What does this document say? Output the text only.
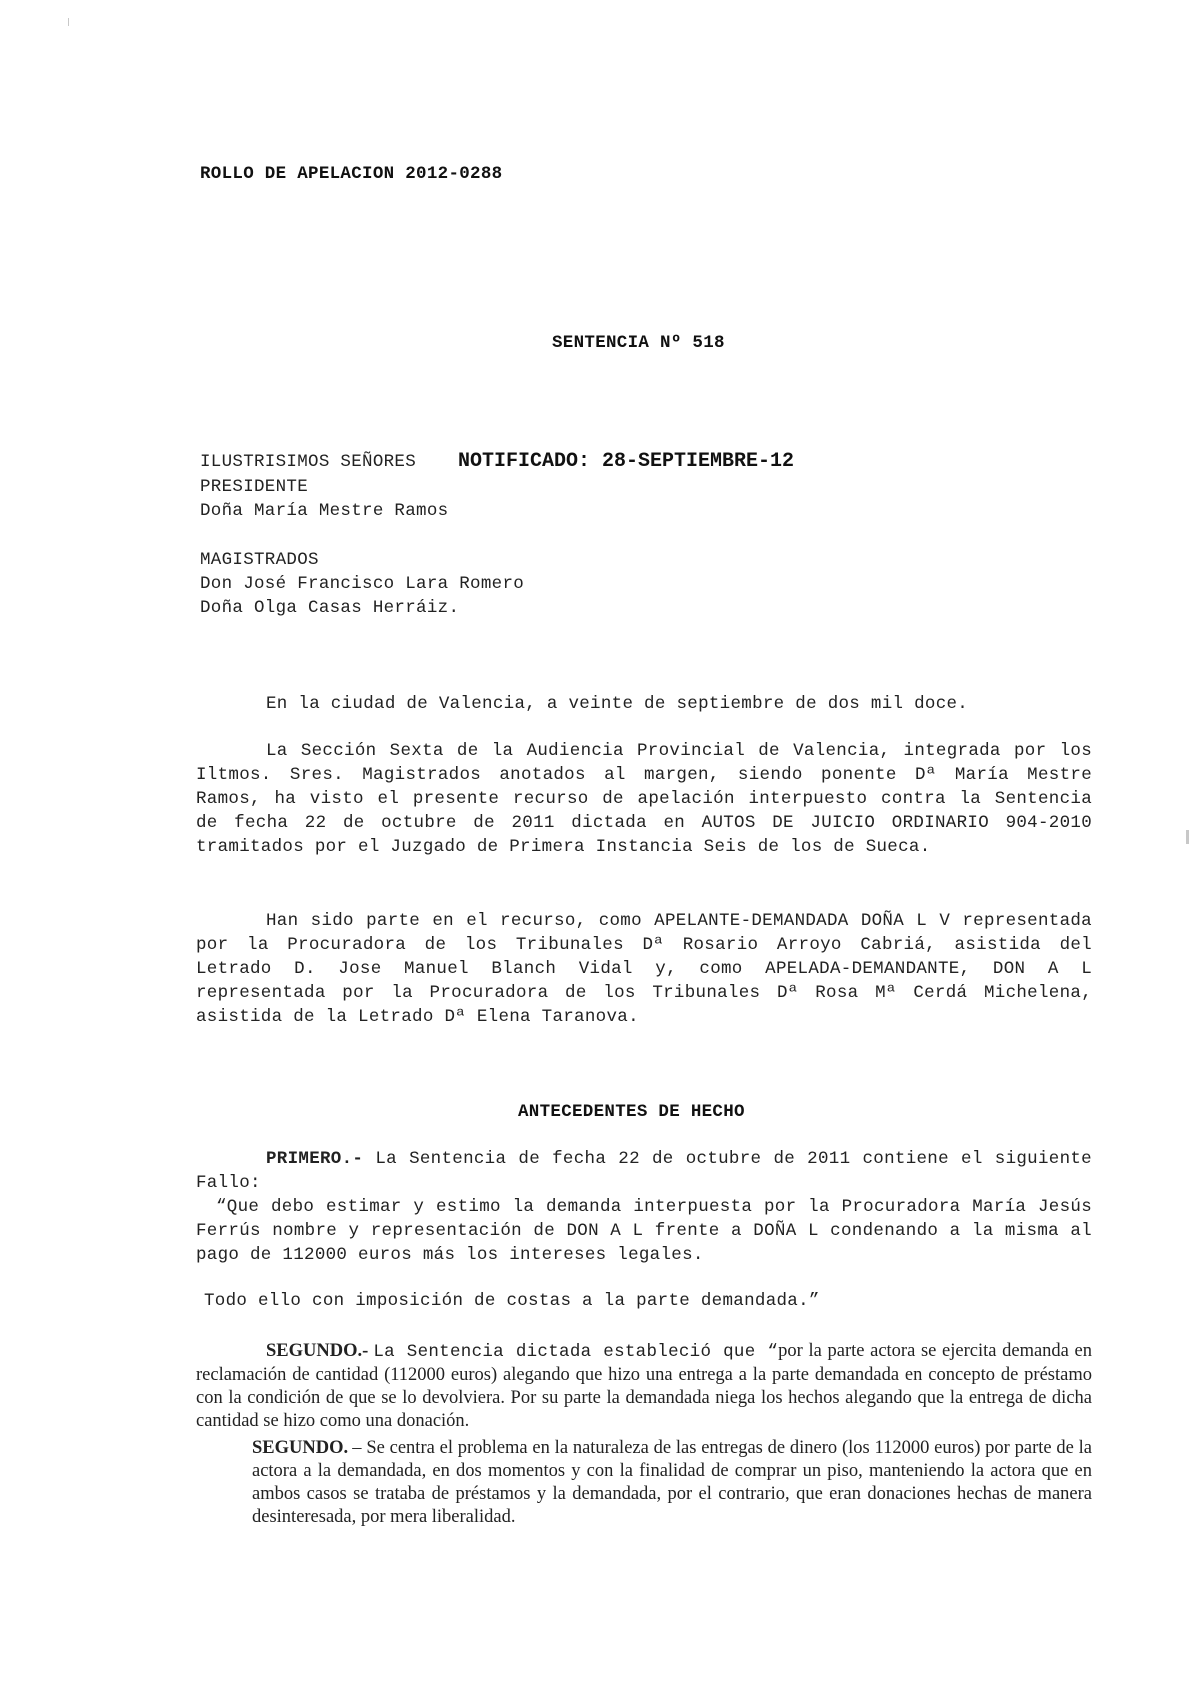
ROLLO DE APELACION 2012-0288
SENTENCIA Nº 518
ILUSTRISIMOS SEÑORES NOTIFICADO: 28-SEPTIEMBRE-12
PRESIDENTE
Doña María Mestre Ramos
MAGISTRADOS
Don José Francisco Lara Romero
Doña Olga Casas Herráiz.
En la ciudad de Valencia, a veinte de septiembre de dos mil doce.
La Sección Sexta de la Audiencia Provincial de Valencia, integrada por los Iltmos. Sres. Magistrados anotados al margen, siendo ponente Dª María Mestre Ramos, ha visto el presente recurso de apelación interpuesto contra la Sentencia de fecha 22 de octubre de 2011 dictada en AUTOS DE JUICIO ORDINARIO 904-2010 tramitados por el Juzgado de Primera Instancia Seis de los de Sueca.
Han sido parte en el recurso, como APELANTE-DEMANDADA DOÑA L V representada por la Procuradora de los Tribunales Dª Rosario Arroyo Cabriá, asistida del Letrado D. Jose Manuel Blanch Vidal y, como APELADA-DEMANDANTE, DON A L representada por la Procuradora de los Tribunales Dª Rosa Mª Cerdá Michelena, asistida de la Letrado Dª Elena Taranova.
ANTECEDENTES DE HECHO
PRIMERO.- La Sentencia de fecha 22 de octubre de 2011 contiene el siguiente Fallo:
“Que debo estimar y estimo la demanda interpuesta por la Procuradora María Jesús Ferrús nombre y representación de DON A L frente a DOÑA L condenando a la misma al pago de 112000 euros más los intereses legales.
Todo ello con imposición de costas a la parte demandada.”
SEGUNDO.- La Sentencia dictada estableció que “por la parte actora se ejercita demanda en reclamación de cantidad (112000 euros) alegando que hizo una entrega a la parte demandada en concepto de préstamo con la condición de que se lo devolviera. Por su parte la demandada niega los hechos alegando que la entrega de dicha cantidad se hizo como una donación.
SEGUNDO. – Se centra el problema en la naturaleza de las entregas de dinero (los 112000 euros) por parte de la actora a la demandada, en dos momentos y con la finalidad de comprar un piso, manteniendo la actora que en ambos casos se trataba de préstamos y la demandada, por el contrario, que eran donaciones hechas de manera desinteresada, por mera liberalidad.
